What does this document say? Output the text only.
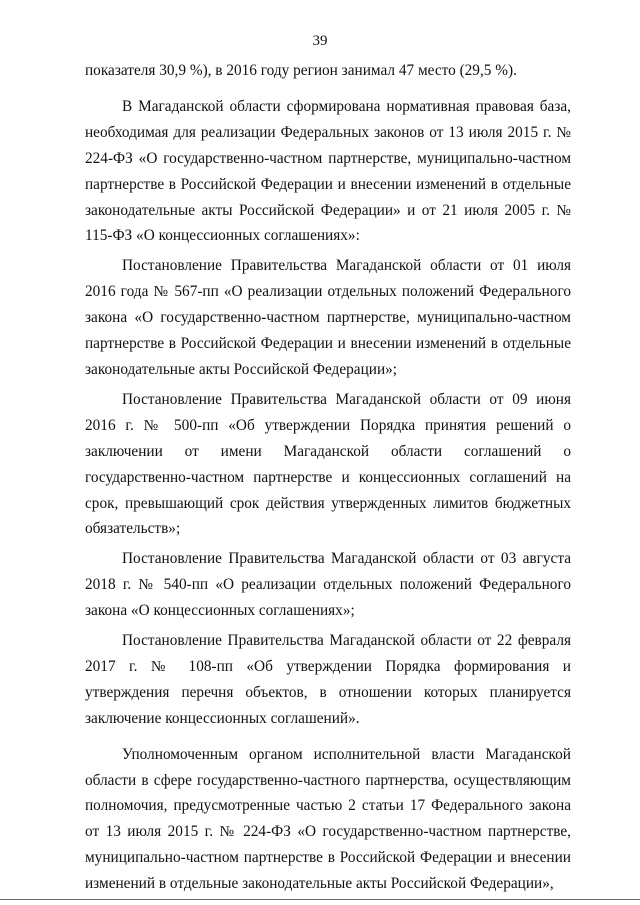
39

показателя 30,9 %), в 2016 году регион занимал 47 место (29,5 %).

В Магаданской области сформирована нормативная правовая база, необходимая для реализации Федеральных законов от 13 июля 2015 г. № 224-ФЗ «О государственно-частном партнерстве, муниципально-частном партнерстве в Российской Федерации и внесении изменений в отдельные законодательные акты Российской Федерации» и от 21 июля 2005 г. № 115-ФЗ «О концессионных соглашениях»:

Постановление Правительства Магаданской области от 01 июля 2016 года № 567-пп «О реализации отдельных положений Федерального закона «О государственно-частном партнерстве, муниципально-частном партнерстве в Российской Федерации и внесении изменений в отдельные законодательные акты Российской Федерации»;

Постановление Правительства Магаданской области от 09 июня 2016 г. № 500-пп «Об утверждении Порядка принятия решений о заключении от имени Магаданской области соглашений о государственно-частном партнерстве и концессионных соглашений на срок, превышающий срок действия утвержденных лимитов бюджетных обязательств»;

Постановление Правительства Магаданской области от 03 августа 2018 г. № 540-пп «О реализации отдельных положений Федерального закона «О концессионных соглашениях»;

Постановление Правительства Магаданской области от 22 февраля 2017 г. № 108-пп «Об утверждении Порядка формирования и утверждения перечня объектов, в отношении которых планируется заключение концессионных соглашений».

Уполномоченным органом исполнительной власти Магаданской области в сфере государственно-частного партнерства, осуществляющим полномочия, предусмотренные частью 2 статьи 17 Федерального закона от 13 июля 2015 г. № 224-ФЗ «О государственно-частном партнерстве, муниципально-частном партнерстве в Российской Федерации и внесении изменений в отдельные законодательные акты Российской Федерации»,
